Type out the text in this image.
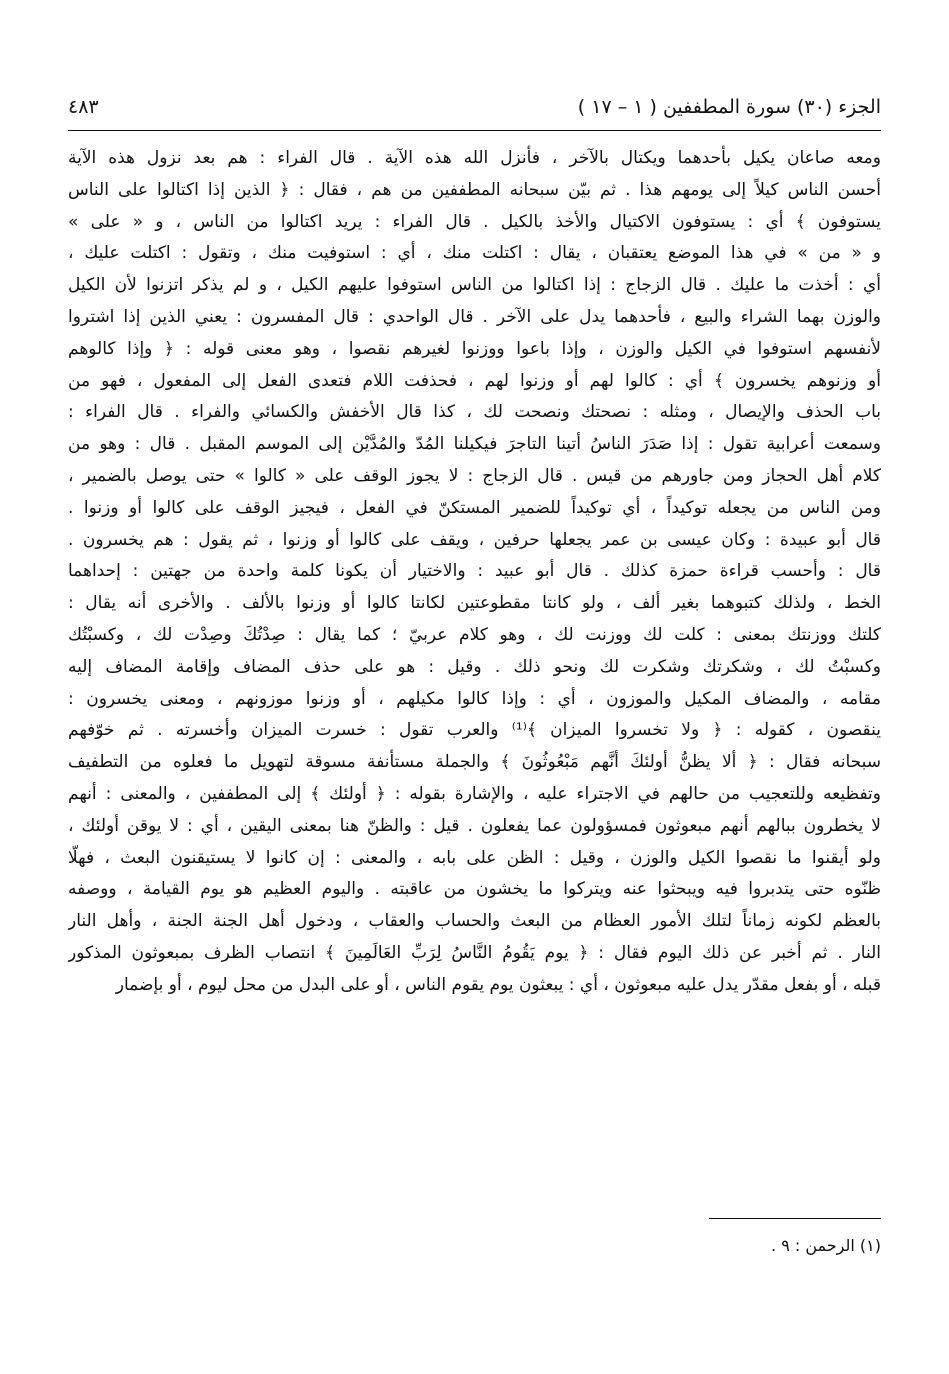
الجزء (٣٠) سورة المطففين ( ١ – ١٧ )
٤٨٣
ومعه صاعان يكيل بأحدهما ويكتال بالآخر ، فأنزل الله هذه الآية . قال الفراء : هم بعد نزول هذه الآية
أحسن الناس كيلاً إلى يومهم هذا . ثم بيّن سبحانه المطففين من هم ، فقال : ﴿ الذين إذا اكتالوا على الناس
يستوفون ﴾ أي : يستوفون الاكتيال والأخذ بالكيل . قال الفراء : يريد اكتالوا من الناس ، و « على »
و « من » في هذا الموضع يعتقبان ، يقال : اكتلت منك ، أي : استوفيت منك ، وتقول : اكتلت عليك ،
أي : أخذت ما عليك . قال الزجاج : إذا اكتالوا من الناس استوفوا عليهم الكيل ، و لم يذكر اتزنوا لأن الكيل
والوزن بهما الشراء والبيع ، فأحدهما يدل على الآخر . قال الواحدي : قال المفسرون : يعني الذين إذا اشتروا
لأنفسهم استوفوا في الكيل والوزن ، وإذا باعوا ووزنوا لغيرهم نقصوا ، وهو معنى قوله : ﴿ وإذا كالوهم
أو وزنوهم يخسرون ﴾ أي : كالوا لهم أو وزنوا لهم ، فحذفت اللام فتعدى الفعل إلى المفعول ، فهو من
باب الحذف والإيصال ، ومثله : نصحتك ونصحت لك ، كذا قال الأخفش والكسائي والفراء . قال الفراء :
وسمعت أعرابية تقول : إذا صَدَرَ الناسُ أتينا التاجرَ فيكيلنا المُدّ والمُدَّيْن إلى الموسم المقبل . قال : وهو من
كلام أهل الحجاز ومن جاورهم من قيس . قال الزجاج : لا يجوز الوقف على « كالوا » حتى يوصل بالضمير ،
ومن الناس من يجعله توكيداً ، أي توكيداً للضمير المستكنّ في الفعل ، فيجيز الوقف على كالوا أو وزنوا .
قال أبو عبيدة : وكان عيسى بن عمر يجعلها حرفين ، ويقف على كالوا أو وزنوا ، ثم يقول : هم يخسرون .
قال : وأحسب قراءة حمزة كذلك . قال أبو عبيد : والاختيار أن يكونا كلمة واحدة من جهتين : إحداهما
الخط ، ولذلك كتبوهما بغير ألف ، ولو كانتا مقطوعتين لكانتا كالوا أو وزنوا بالألف . والأخرى أنه يقال :
كلتك ووزنتك بمعنى : كلت لك ووزنت لك ، وهو كلام عربيّ ؛ كما يقال : صِدْتُكَ وصِدْت لك ، وكسبْتُك
وكسبْتُ لك ، وشكرتك وشكرت لك ونحو ذلك . وقيل : هو على حذف المضاف وإقامة المضاف إليه
مقامه ، والمضاف المكيل والموزون ، أي : وإذا كالوا مكيلهم ، أو وزنوا موزونهم ، ومعنى يخسرون :
ينقصون ، كقوله : ﴿ ولا تخسروا الميزان ﴾⁽¹⁾ والعرب تقول : خسرت الميزان وأخسرته . ثم خوّفهم
سبحانه فقال : ﴿ ألا يظنُّ أولئكَ أنَّهم مَبْعُوثُونَ ﴾ والجملة مستأنفة مسوقة لتهويل ما فعلوه من التطفيف
وتفظيعه وللتعجيب من حالهم في الاجتراء عليه ، والإشارة بقوله : ﴿ أولئك ﴾ إلى المطففين ، والمعنى : أنهم
لا يخطرون ببالهم أنهم مبعوثون فمسؤولون عما يفعلون . قيل : والظنّ هنا بمعنى اليقين ، أي : لا يوقن أولئك ،
ولو أيقنوا ما نقصوا الكيل والوزن ، وقيل : الظن على بابه ، والمعنى : إن كانوا لا يستيقنون البعث ، فهلّا
ظنّوه حتى يتدبروا فيه ويبحثوا عنه ويتركوا ما يخشون من عاقبته . واليوم العظيم هو يوم القيامة ، ووصفه
بالعظم لكونه زماناً لتلك الأمور العظام من البعث والحساب والعقاب ، ودخول أهل الجنة الجنة ، وأهل النار
النار . ثم أخبر عن ذلك اليوم فقال : ﴿ يوم يَقُومُ النَّاسُ لِرَبِّ العَالَمِينَ ﴾ انتصاب الظرف بمبعوثون المذكور
قبله ، أو بفعل مقدّر يدل عليه مبعوثون ، أي : يبعثون يوم يقوم الناس ، أو على البدل من محل ليوم ، أو بإضمار
(١) الرحمن : ٩ .
